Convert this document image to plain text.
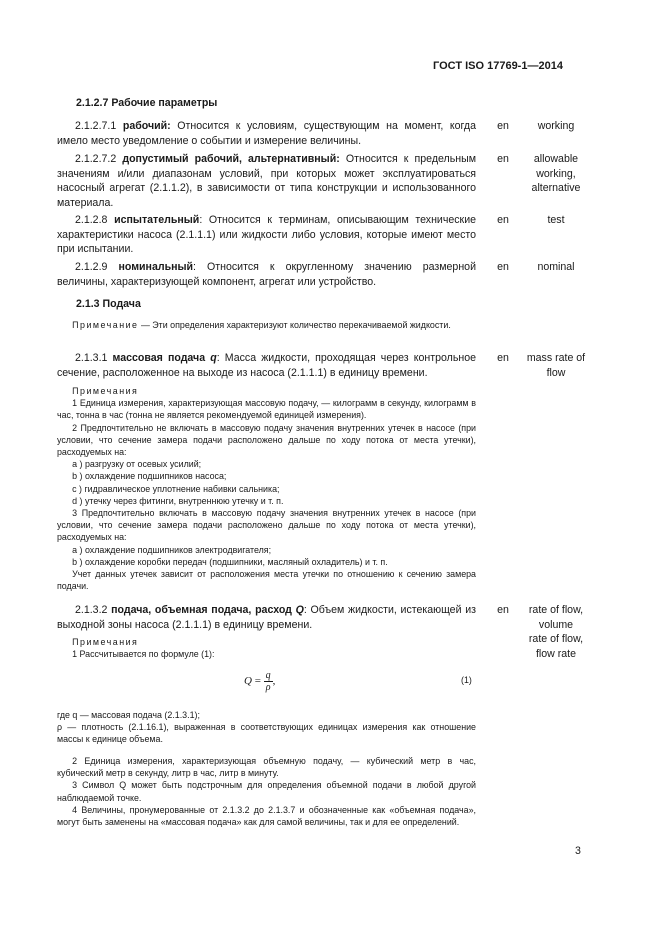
ГОСТ ISO 17769-1—2014
2.1.2.7 Рабочие параметры
2.1.2.7.1 рабочий: Относится к условиям, существующим на момент, когда имело место уведомление о событии и измерение величины.
en	working
2.1.2.7.2 допустимый рабочий, альтернативный: Относится к предельным значениям и/или диапазонам условий, при которых может эксплуатироваться насосный агрегат (2.1.1.2), в зависимости от типа конструкции и использованного материала.
en	allowable working, alternative
2.1.2.8 испытательный: Относится к терминам, описывающим технические характеристики насоса (2.1.1.1) или жидкости либо условия, которые имеют место при испытании.
en	test
2.1.2.9 номинальный: Относится к округленному значению размерной величины, характеризующей компонент, агрегат или устройство.
en	nominal
2.1.3 Подача
Примечание — Эти определения характеризуют количество перекачиваемой жидкости.
2.1.3.1 массовая подача q: Масса жидкости, проходящая через контрольное сечение, расположенное на выходе из насоса (2.1.1.1) в единицу времени.
en	mass rate of flow

Примечания

1 Единица измерения, характеризующая массовую подачу, — килограмм в секунду, килограмм в час, тонна в час (тонна не является рекомендуемой единицей измерения).

2 Предпочтительно не включать в массовую подачу значения внутренних утечек в насосе (при условии, что сечение замера подачи расположено дальше по ходу потока от места утечки), расходуемых на:

а ) разгрузку от осевых усилий;

b ) охлаждение подшипников насоса;

c ) гидравлическое уплотнение набивки сальника;

d ) утечку через фитинги, внутреннюю утечку и т. п.

3 Предпочтительно включать в массовую подачу значения внутренних утечек в насосе (при условии, что сечение замера подачи расположено дальше по ходу потока от места утечки), расходуемых на:

а ) охлаждение подшипников электродвигателя;

b ) охлаждение коробки передач (подшипники, масляный охладитель) и т. п.

Учет данных утечек зависит от расположения места утечки по отношению к сечению замера подачи.

2.1.3.2 подача, объемная подача, расход Q: Объем жидкости, истекающей из выходной зоны насоса (2.1.1.1) в единицу времени.
en	rate of flow,
volume
rate of flow,
flow rate

Примечания

1 Рассчитывается по формуле (1):

$Q = \frac{q}{\rho}$ ,	(1)

где q — массовая подача (2.1.3.1);

ρ — плотность (2.1.16.1), выраженная в соответствующих единицах измерения как отношение массы к единице объема.

2 Единица измерения, характеризующая объемную подачу, — кубический метр в час, кубический метр в секунду, литр в час, литр в минуту.

3 Символ Q может быть подстрочным для определения объемной подачи в любой другой наблюдаемой точке.

4 Величины, пронумерованные от 2.1.3.2 до 2.1.3.7 и обозначенные как «объемная подача», могут быть заменены на «массовая подача» как для самой величины, так и для ее определений.

3
